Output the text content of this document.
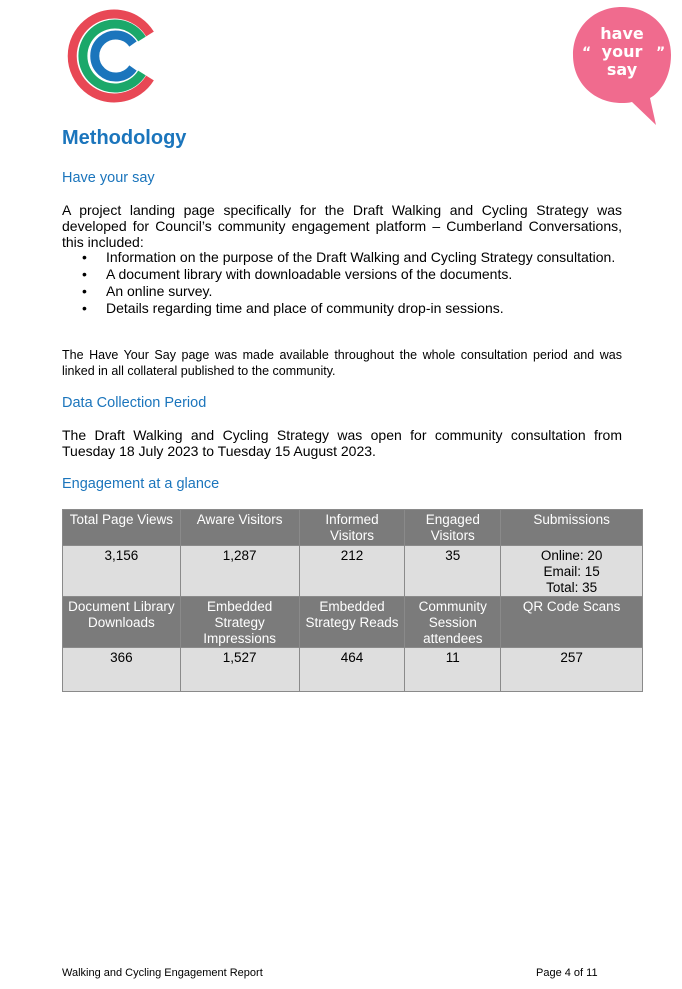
“	”
have
your
say
Methodology
Have your say

A project landing page specifically for the Draft Walking and Cycling Strategy was developed for Council’s community engagement platform – Cumberland Conversations, this included:

• Information on the purpose of the Draft Walking and Cycling Strategy consultation.
• A document library with downloadable versions of the documents.
• An online survey.
• Details regarding time and place of community drop-in sessions.

The Have Your Say page was made available throughout the whole consultation period and was linked in all collateral published to the community.

Data Collection Period

The Draft Walking and Cycling Strategy was open for community consultation from Tuesday 18 July 2023 to Tuesday 15 August 2023.

Engagement at a glance
Total Page Views	Aware Visitors	Informed Visitors	Engaged Visitors	Submissions
3,156	1,287	212	35	Online: 20
Email: 15
Total: 35

Document Library Downloads	Embedded Strategy Impressions	Embedded Strategy Reads	Community Session attendees	QR Code Scans
366	1,527	464	11	257
Walking and Cycling Engagement Report	Page 4 of 11
